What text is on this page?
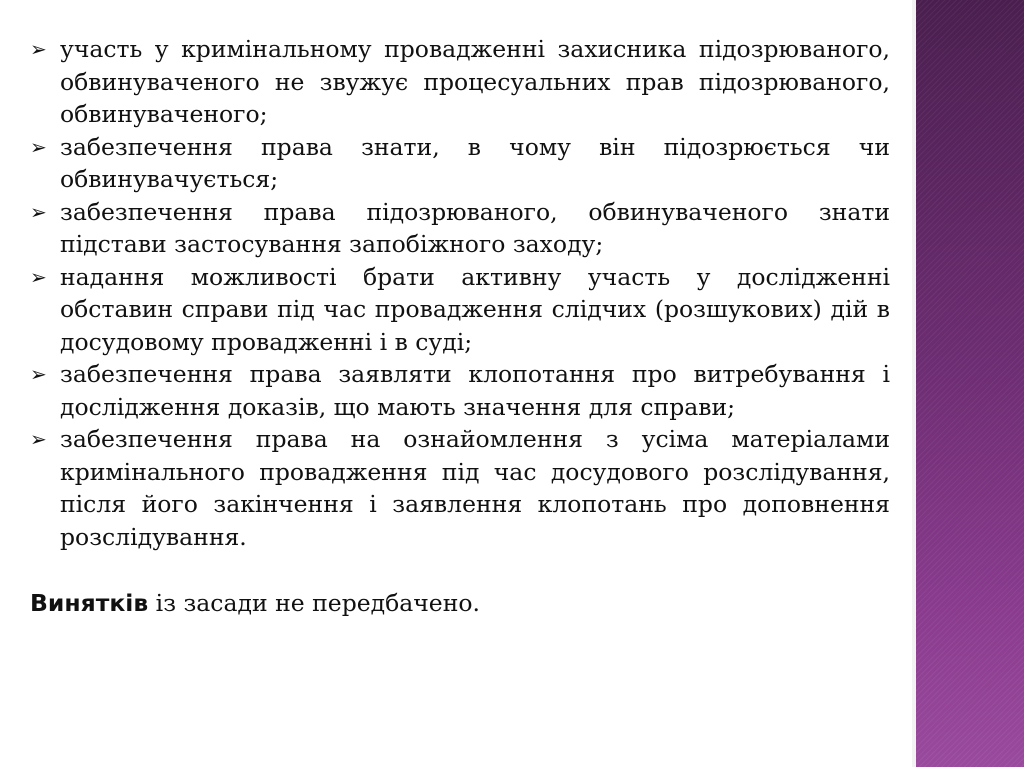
➢ участь у кримінальному провадженні захисника підозрюваного, обвинуваченого не звужує процесуальних прав підозрюваного, обвинуваченого;
➢ забезпечення права знати, в чому він підозрюється чи обвинувачується;
➢ забезпечення права підозрюваного, обвинуваченого знати підстави застосування запобіжного заходу;
➢ надання можливості брати активну участь у дослідженні обставин справи під час провадження слідчих (розшукових) дій в досудовому провадженні і в суді;
➢ забезпечення права заявляти клопотання про витребування і дослідження доказів, що мають значення для справи;
➢ забезпечення права на ознайомлення з усіма матеріалами кримінального провадження під час досудового розслідування, після його закінчення і заявлення клопотань про доповнення розслідування.

Винятків із засади не передбачено.
